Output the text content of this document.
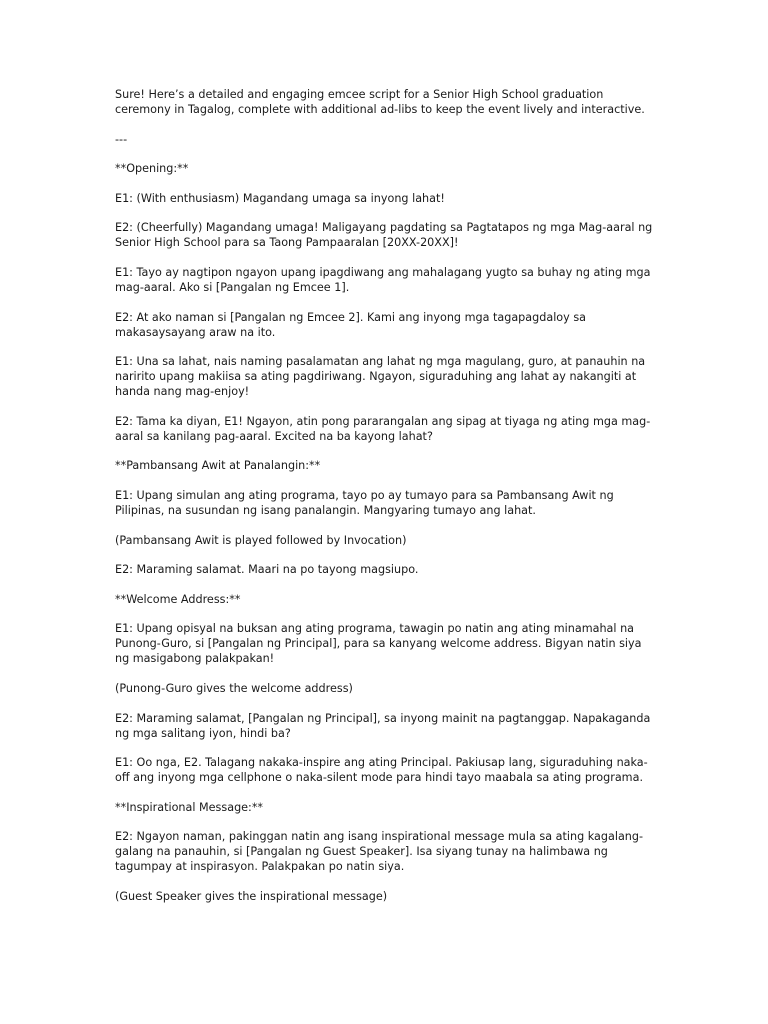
Sure! Here’s a detailed and engaging emcee script for a Senior High School graduation ceremony in Tagalog, complete with additional ad-libs to keep the event lively and interactive.

---

**Opening:**

E1: (With enthusiasm) Magandang umaga sa inyong lahat!

E2: (Cheerfully) Magandang umaga! Maligayang pagdating sa Pagtatapos ng mga Mag-aaral ng Senior High School para sa Taong Pampaaralan [20XX-20XX]!

E1: Tayo ay nagtipon ngayon upang ipagdiwang ang mahalagang yugto sa buhay ng ating mga mag-aaral. Ako si [Pangalan ng Emcee 1].

E2: At ako naman si [Pangalan ng Emcee 2]. Kami ang inyong mga tagapagdaloy sa makasaysayang araw na ito.

E1: Una sa lahat, nais naming pasalamatan ang lahat ng mga magulang, guro, at panauhin na naririto upang makiisa sa ating pagdiriwang. Ngayon, siguraduhing ang lahat ay nakangiti at handa nang mag-enjoy!

E2: Tama ka diyan, E1! Ngayon, atin pong pararangalan ang sipag at tiyaga ng ating mga mag-aaral sa kanilang pag-aaral. Excited na ba kayong lahat?

**Pambansang Awit at Panalangin:**

E1: Upang simulan ang ating programa, tayo po ay tumayo para sa Pambansang Awit ng Pilipinas, na susundan ng isang panalangin. Mangyaring tumayo ang lahat.

(Pambansang Awit is played followed by Invocation)

E2: Maraming salamat. Maari na po tayong magsiupo.

**Welcome Address:**

E1: Upang opisyal na buksan ang ating programa, tawagin po natin ang ating minamahal na Punong-Guro, si [Pangalan ng Principal], para sa kanyang welcome address. Bigyan natin siya ng masigabong palakpakan!

(Punong-Guro gives the welcome address)

E2: Maraming salamat, [Pangalan ng Principal], sa inyong mainit na pagtanggap. Napakaganda ng mga salitang iyon, hindi ba?

E1: Oo nga, E2. Talagang nakaka-inspire ang ating Principal. Pakiusap lang, siguraduhing naka-off ang inyong mga cellphone o naka-silent mode para hindi tayo maabala sa ating programa.

**Inspirational Message:**

E2: Ngayon naman, pakinggan natin ang isang inspirational message mula sa ating kagalang-galang na panauhin, si [Pangalan ng Guest Speaker]. Isa siyang tunay na halimbawa ng tagumpay at inspirasyon. Palakpakan po natin siya.

(Guest Speaker gives the inspirational message)
